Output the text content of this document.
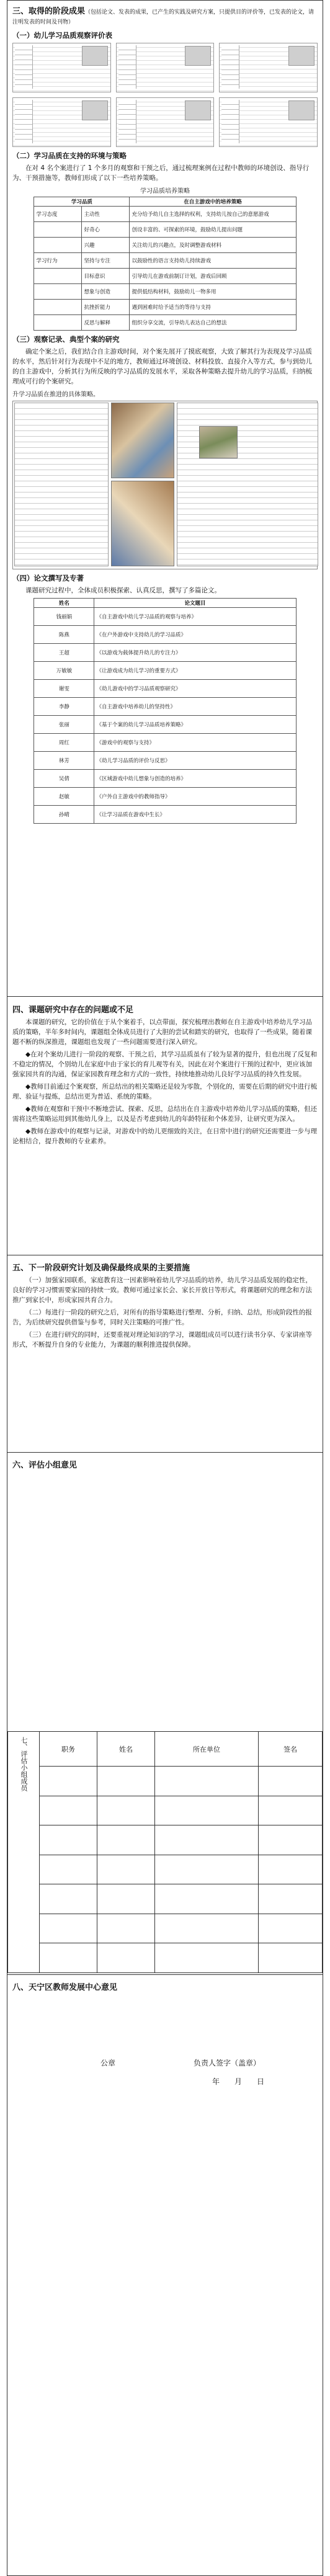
三、取得的阶段成果（包括论文、发表的成果，已产生的实践及研究方案，只提供目的评价等，已发表的论文，请注明发表的时间及刊物）
（一）幼儿学习品质观察评价表
（二）学习品质在支持的环境与策略

在对 4 名个案进行了 1 个多月的观察和干预之后，通过梳理案例在过程中教师的环境创设、指导行为、干预措施等，教师们形成了以下一些培养策略。

学习品质培养策略
学习品质		在自主游戏中的培养策略
学习态度	主动性	充分给予幼儿自主选择的权利，支持幼儿按自己的意愿游戏
	好奇心	创设丰富的、可探索的环境，鼓励幼儿提出问题
	兴趣	关注幼儿的兴趣点，及时调整游戏材料
学习行为	坚持与专注	以鼓励性的语言支持幼儿持续游戏
	目标意识	引导幼儿在游戏前制订计划，游戏后回顾
	想象与创造	提供低结构材料，鼓励幼儿一物多用
	抗挫折能力	遇到困难时给予适当的等待与支持
	反思与解释	组织分享交流，引导幼儿表达自己的想法
（三）观察记录、典型个案的研究

确定个案之后，我们结合自主游戏时间，对个案先展开了摸底观察，大致了解其行为表现及学习品质的水平，然后针对行为表现中不足的地方，教师通过环境创设、材料投放、直接介入等方式，参与到幼儿的自主游戏中，分析其行为所反映的学习品质的发展水平，采取各种策略去提升幼儿的学习品质，归纳梳理成可行的个案研究。

升学习品质在推进的具体策略。
（四）论文撰写及专著

课题研究过程中，全体成员积极探索、认真反思，撰写了多篇论文。

姓名	论文题目
钱丽娟	《自主游戏中幼儿学习品质的观察与培养》
陈燕	《在户外游戏中支持幼儿的学习品质》
王超	《以游戏为载体提升幼儿的专注力》
万敏敏	《让游戏成为幼儿学习的重要方式》
谢雯	《幼儿游戏中的学习品质观察研究》
李静	《自主游戏中培养幼儿的坚持性》
张丽	《基于个案的幼儿学习品质培养策略》
周红	《游戏中的观察与支持》
林芳	《幼儿学习品质的评价与反思》
吴倩	《区域游戏中幼儿想象与创造的培养》
赵敏	《户外自主游戏中的教师指导》
孙晴	《让学习品质在游戏中生长》
四、课题研究中存在的问题或不足

本课题的研究，它的价值在于从个案着手，以点带面，探究梳理出教师在自主游戏中培养幼儿学习品质的策略，半年多时间内，课题组全体成员进行了大胆的尝试和踏实的研究，也取得了一些成果，随着课题不断的纵深推进，课题组也发现了一些问题需要进行深入研究。

◆在对个案幼儿进行一阶段的观察、干预之后，其学习品质虽有了较为显著的提升，但也出现了反复和不稳定的情况，个别幼儿在家庭中由于家长的育儿观等有关，因此在对个案进行干预的过程中，更应该加强家园共育的沟通，保证家园教育理念和方式的一致性，持续地推动幼儿良好学习品质的持久性发展。

◆教师目前通过个案观察，所总结出的相关策略还是较为零散，个别化的，需要在后期的研究中进行梳理、验证与提炼，总结出更为普适、系统的策略。

◆教师在观察和干预中不断地尝试、探索、反思，总结出在自主游戏中培养幼儿学习品质的策略，但还需将这些策略运用到其他幼儿身上，以及是否考虑到幼儿的年龄特征和个体差异，让研究更为深入。

◆教师在游戏中的观察与记录，对游戏中的幼儿更细致的关注，在日常中进行的研究还需要进一步与理论相结合，提升教师的专业素养。

五、下一阶段研究计划及确保最终成果的主要措施

（一）加强家园联系，家庭教育这一因素影响着幼儿学习品质的培养，幼儿学习品质发展的稳定性，良好的学习习惯需要家园的持续一致。教师可通过家长会、家长开放日等形式，将课题研究的理念和方法推广到家长中，形成家园共育合力。

（二）每进行一阶段的研究之后，对所有的指导策略进行整理、分析，归纳、总结，形成阶段性的报告，为后续研究提供借鉴与参考，同时关注策略的可推广性。

（三）在进行研究的同时，还要重视对理论知识的学习，课题组成员可以进行读书分享、专家讲座等形式，不断提升自身的专业能力，为课题的顺利推进提供保障。

六、评估小组意见
七、评估小组成员	职务	姓名	所在单位	签名

八、天宁区教师发展中心意见
公章	负责人签字（盖章）
年　　月　　日
